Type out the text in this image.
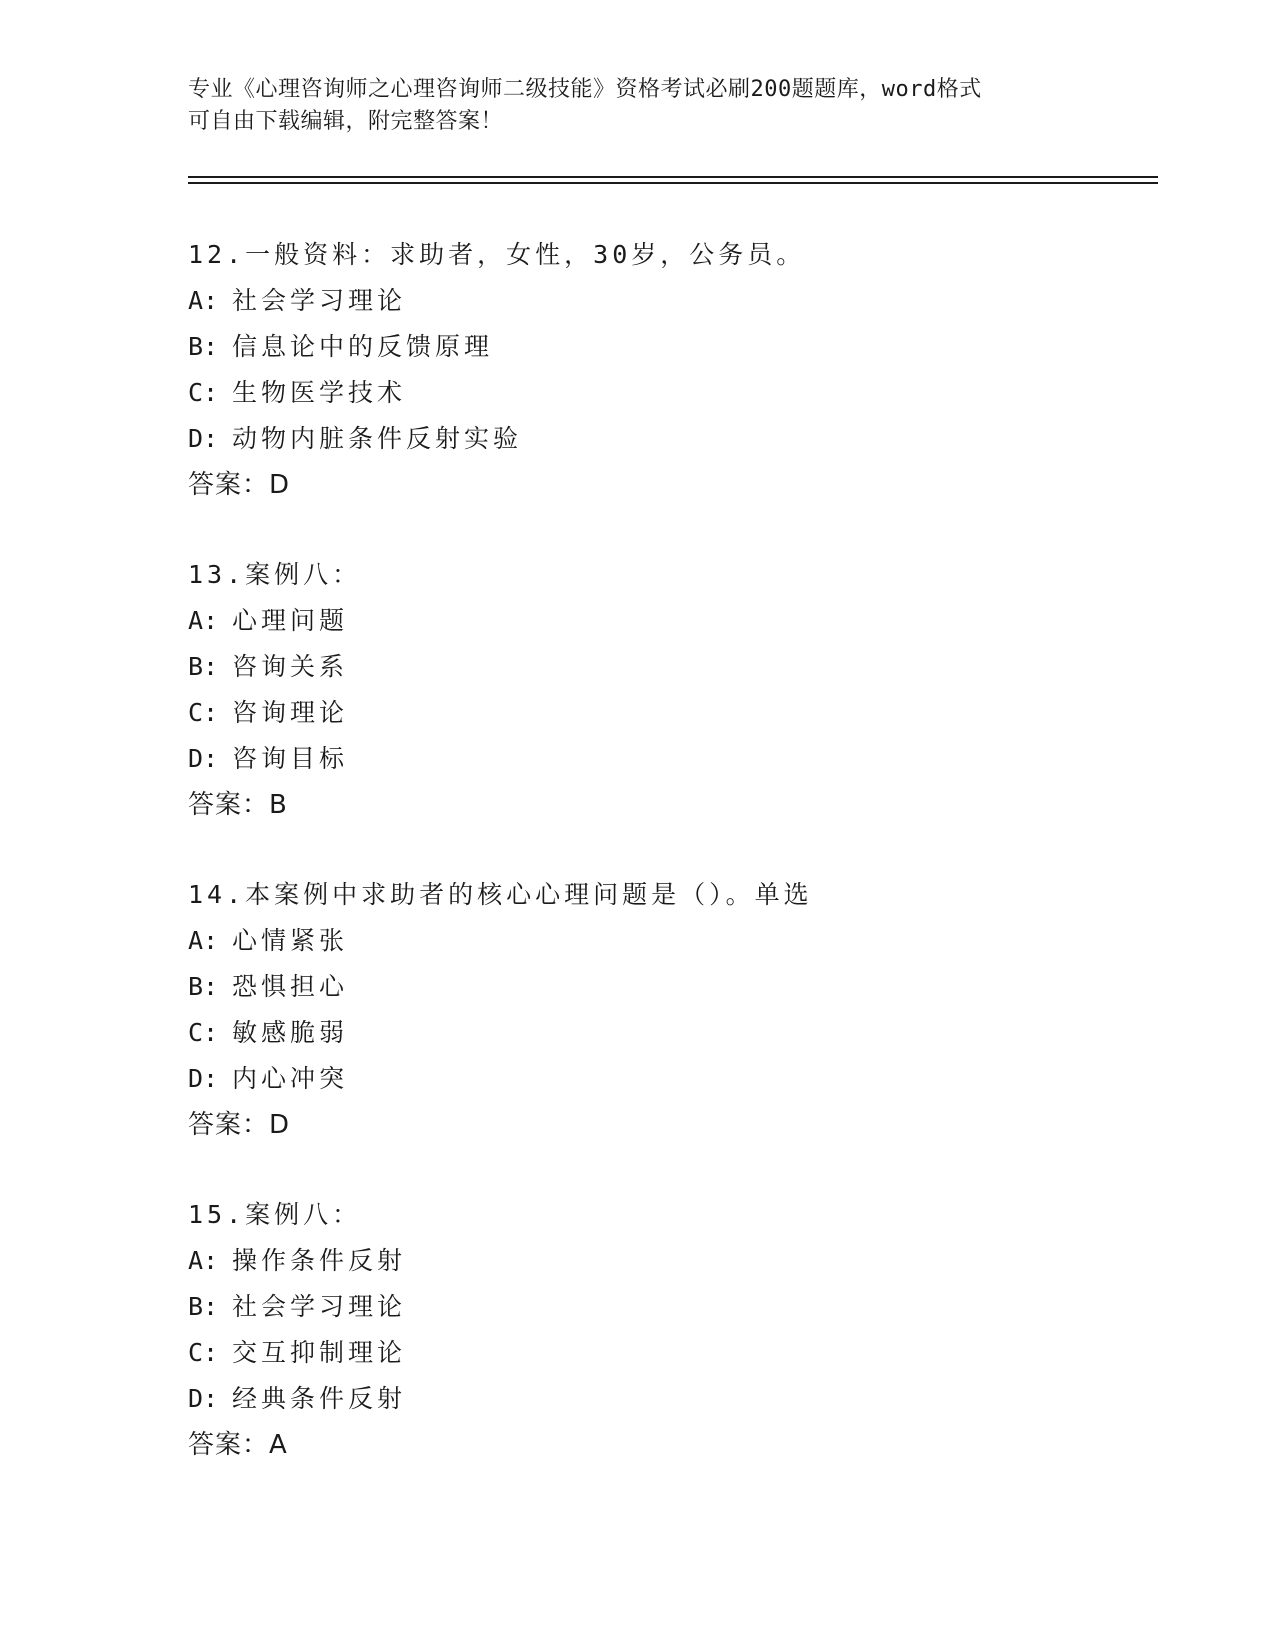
专业《心理咨询师之心理咨询师二级技能》资格考试必刷200题题库，word格式
可自由下载编辑，附完整答案！
12.一般资料：求助者，女性，30岁，公务员。
A: 社会学习理论
B: 信息论中的反馈原理
C: 生物医学技术
D: 动物内脏条件反射实验
答案：D
13.案例八：
A: 心理问题
B: 咨询关系
C: 咨询理论
D: 咨询目标
答案：B
14.本案例中求助者的核心心理问题是（）。单选
A: 心情紧张
B: 恐惧担心
C: 敏感脆弱
D: 内心冲突
答案：D
15.案例八：
A: 操作条件反射
B: 社会学习理论
C: 交互抑制理论
D: 经典条件反射
答案：A
